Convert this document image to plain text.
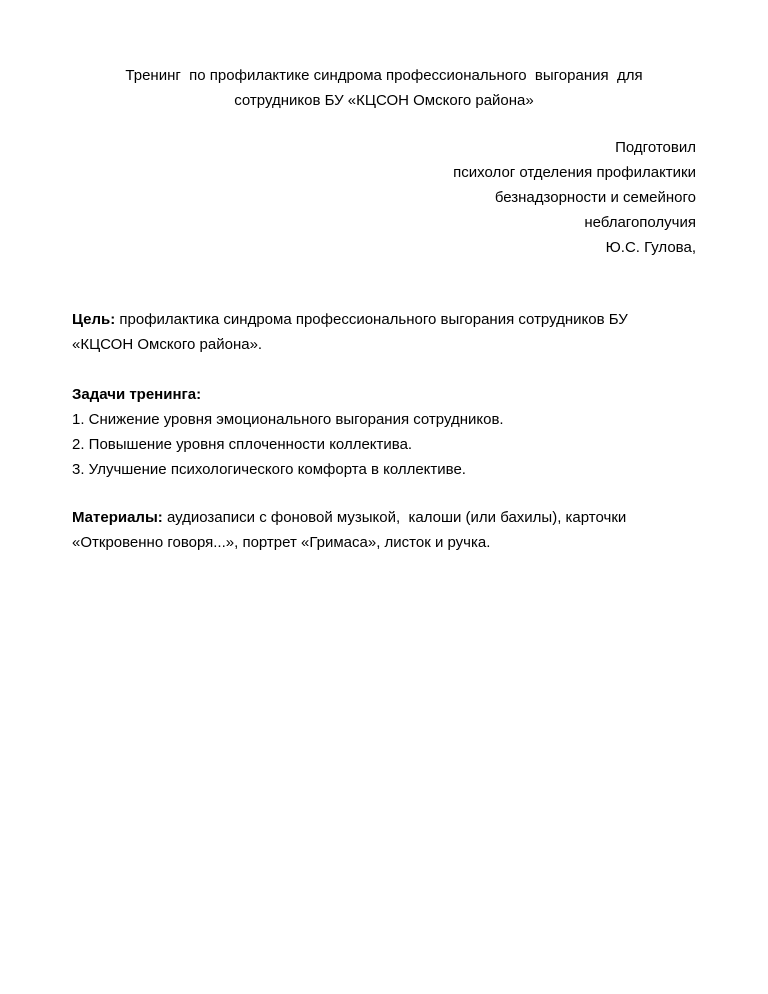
Тренинг  по профилактике синдрома профессионального  выгорания  для
сотрудников БУ «КЦСОН Омского района»
Подготовил
психолог отделения профилактики
безнадзорности и семейного
неблагополучия
Ю.С. Гулова,
Цель: профилактика синдрома профессионального выгорания сотрудников БУ
«КЦСОН Омского района».
Задачи тренинга:
1. Снижение уровня эмоционального выгорания сотрудников.
2. Повышение уровня сплоченности коллектива.
3. Улучшение психологического комфорта в коллективе.
Материалы: аудиозаписи с фоновой музыкой,  калоши (или бахилы), карточки
«Откровенно говоря...», портрет «Гримаса», листок и ручка.
